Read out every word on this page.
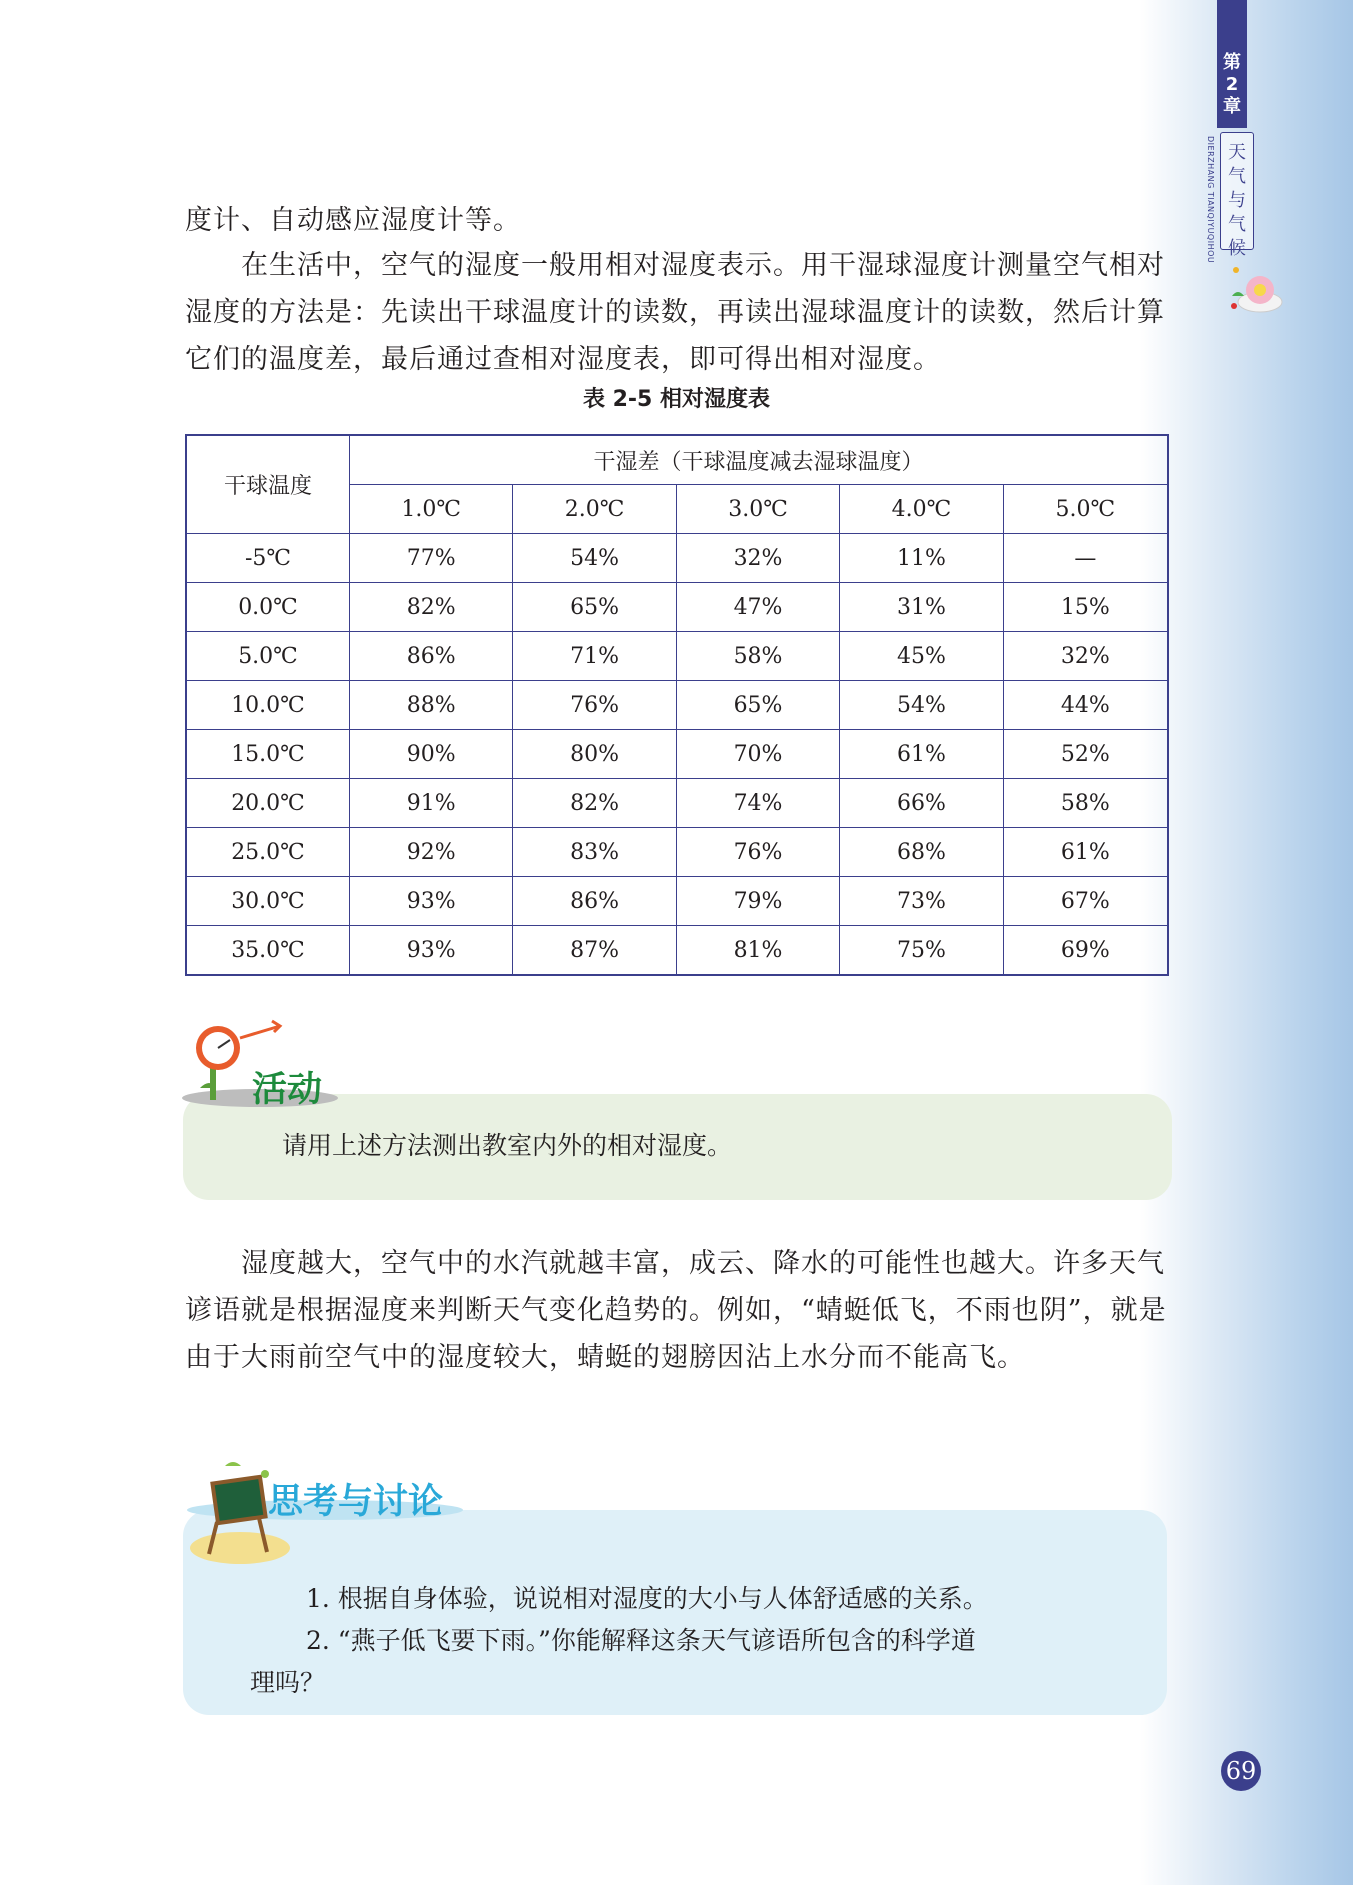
第
2
章
DIERZHANG TIANQIYUQIHOU 天
气
与
气
候
度计、自动感应湿度计等。
在生活中，空气的湿度一般用相对湿度表示。用干湿球湿度计测量空气相对湿度的方法是：先读出干球温度计的读数，再读出湿球温度计的读数，然后计算它们的温度差，最后通过查相对湿度表，即可得出相对湿度。
表 2-5 相对湿度表
干球温度	干湿差（干球温度减去湿球温度）				
	1.0℃	2.0℃	3.0℃	4.0℃	5.0℃
-5℃	77%	54%	32%	11%	—
0.0℃	82%	65%	47%	31%	15%
5.0℃	86%	71%	58%	45%	32%
10.0℃	88%	76%	65%	54%	44%
15.0℃	90%	80%	70%	61%	52%
20.0℃	91%	82%	74%	66%	58%
25.0℃	92%	83%	76%	68%	61%
30.0℃	93%	86%	79%	73%	67%
35.0℃	93%	87%	81%	75%	69%
活动
请用上述方法测出教室内外的相对湿度。
湿度越大，空气中的水汽就越丰富，成云、降水的可能性也越大。许多天气谚语就是根据湿度来判断天气变化趋势的。例如，“蜻蜓低飞，不雨也阴”，就是由于大雨前空气中的湿度较大，蜻蜓的翅膀因沾上水分而不能高飞。
思考与讨论
1. 根据自身体验，说说相对湿度的大小与人体舒适感的关系。
2. “燕子低飞要下雨。”你能解释这条天气谚语所包含的科学道
理吗？
69
